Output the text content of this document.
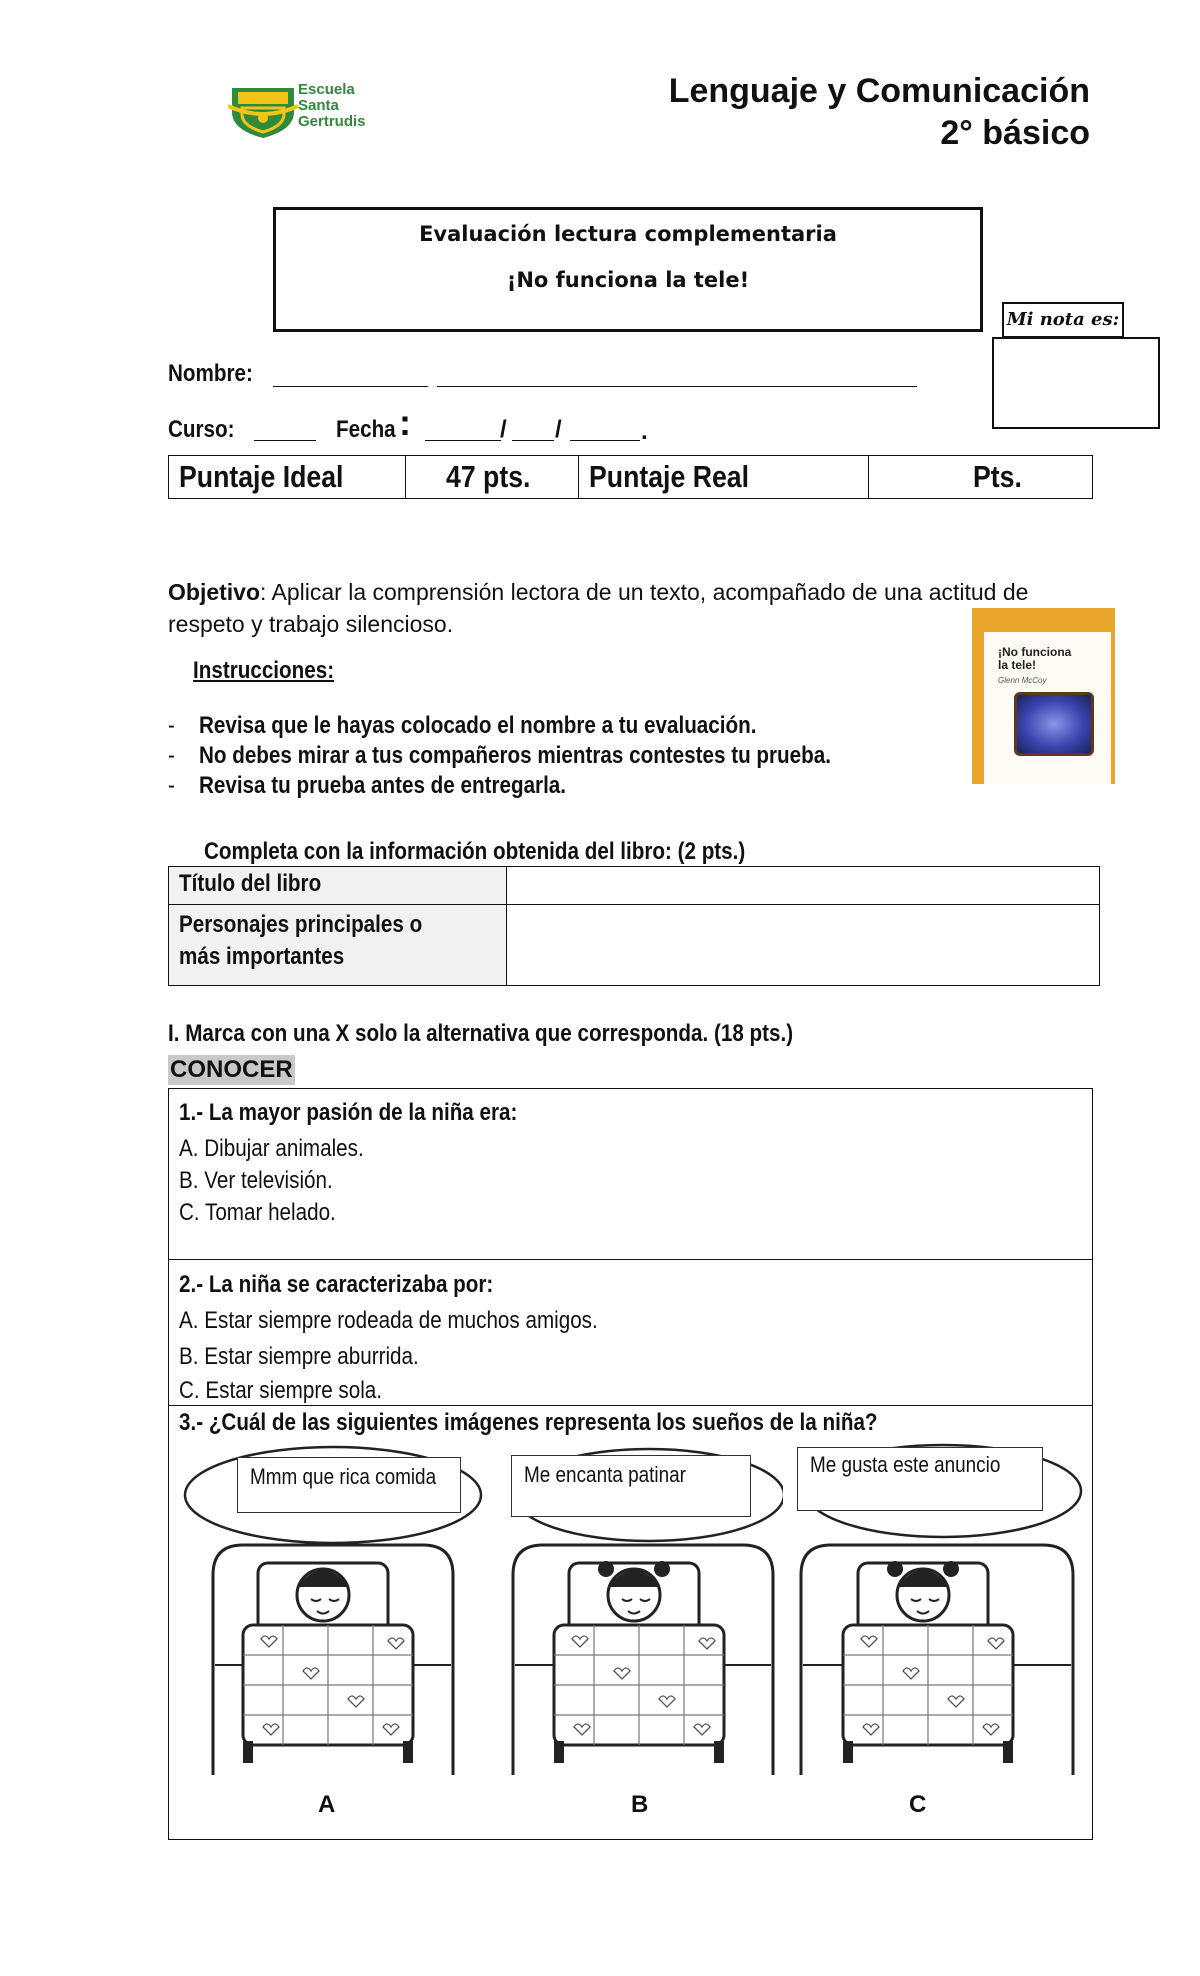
Escuela
Santa
Gertrudis
Lenguaje y Comunicación
2° básico
Evaluación lectura complementaria
¡No funciona la tele!
Mi nota es:
Nombre:
Curso:	Fecha :	/ /	.
Puntaje Ideal	47 pts.	Puntaje Real	Pts.
Objetivo: Aplicar la comprensión lectora de un texto, acompañado de una actitud de respeto y trabajo silencioso.
Instrucciones:
- Revisa que le hayas colocado el nombre a tu evaluación.
- No debes mirar a tus compañeros mientras contestes tu prueba.
- Revisa tu prueba antes de entregarla.
¡No funciona
la tele!
Glenn McCoy
Completa con la información obtenida del libro: (2 pts.)
Título del libro
Personajes principales o
más importantes
I. Marca con una X solo la alternativa que corresponda. (18 pts.)
CONOCER
1.- La mayor pasión de la niña era:
A. Dibujar animales.
B. Ver televisión.
C. Tomar helado.
2.- La niña se caracterizaba por:
A. Estar siempre rodeada de muchos amigos.
B. Estar siempre aburrida.
C. Estar siempre sola.
3.- ¿Cuál de las siguientes imágenes representa los sueños de la niña?
Mmm que rica comida
A
Me encanta patinar
B
Me gusta este anuncio
C
